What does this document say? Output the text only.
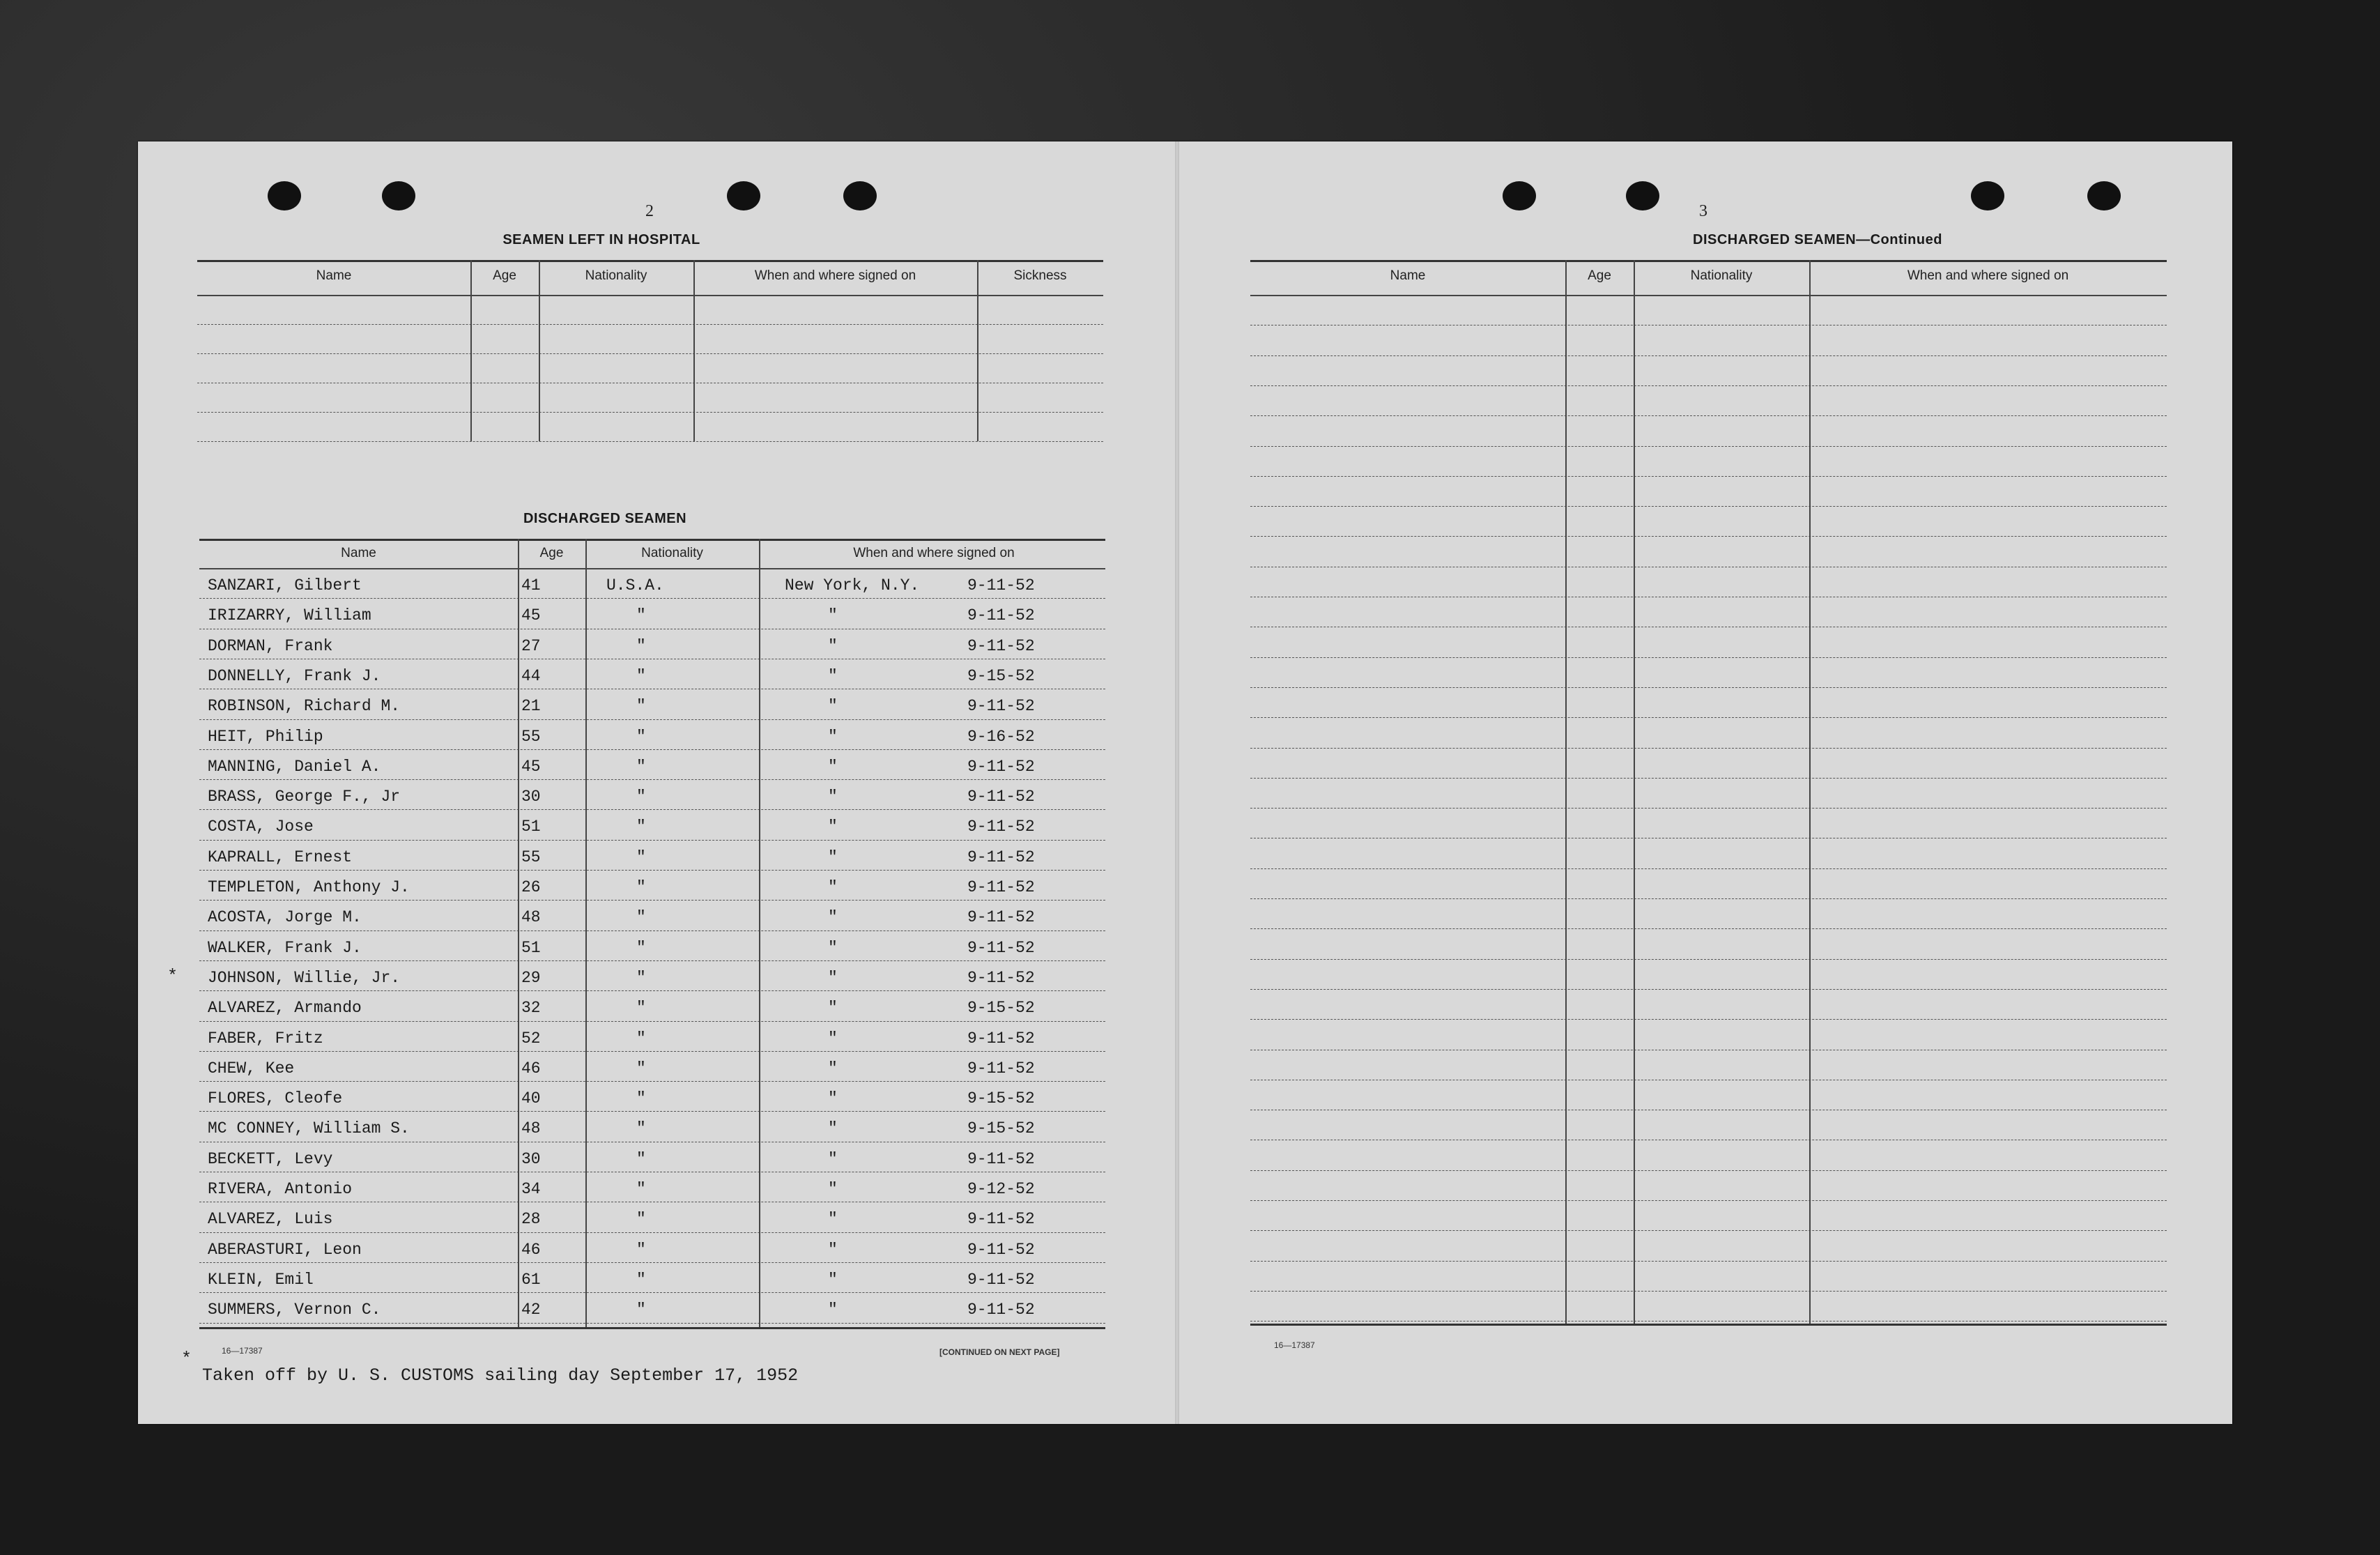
2
SEAMEN LEFT IN HOSPITAL
DISCHARGED SEAMEN
16—17387	[CONTINUED ON NEXT PAGE]
*
Taken off by U. S. CUSTOMS sailing day September 17, 1952
3
DISCHARGED SEAMEN—Continued
16—17387
Name	Age	Nationality	When and where signed on	Sickness
Name	Age	Nationality	When and where signed on
SANZARI, Gilbert	41	U.S.A.	New York, N.Y.	9-11-52
IRIZARRY, William	45	"	"	9-11-52
DORMAN, Frank	27	"	"	9-11-52
DONNELLY, Frank J.	44	"	"	9-15-52
ROBINSON, Richard M.	21	"	"	9-11-52
HEIT, Philip	55	"	"	9-16-52
MANNING, Daniel A.	45	"	"	9-11-52
BRASS, George F., Jr	30	"	"	9-11-52
COSTA, Jose	51	"	"	9-11-52
KAPRALL, Ernest	55	"	"	9-11-52
TEMPLETON, Anthony J.	26	"	"	9-11-52
ACOSTA, Jorge M.	48	"	"	9-11-52
WALKER, Frank J.	51	"	"	9-11-52
JOHNSON, Willie, Jr.	29	"	"	9-11-52
*
ALVAREZ, Armando	32	"	"	9-15-52
FABER, Fritz	52	"	"	9-11-52
CHEW, Kee	46	"	"	9-11-52
FLORES, Cleofe	40	"	"	9-15-52
MC CONNEY, William S.	48	"	"	9-15-52
BECKETT, Levy	30	"	"	9-11-52
RIVERA, Antonio	34	"	"	9-12-52
ALVAREZ, Luis	28	"	"	9-11-52
ABERASTURI, Leon	46	"	"	9-11-52
KLEIN, Emil	61	"	"	9-11-52
SUMMERS, Vernon C.	42	"	"	9-11-52
Name	Age	Nationality	When and where signed on
